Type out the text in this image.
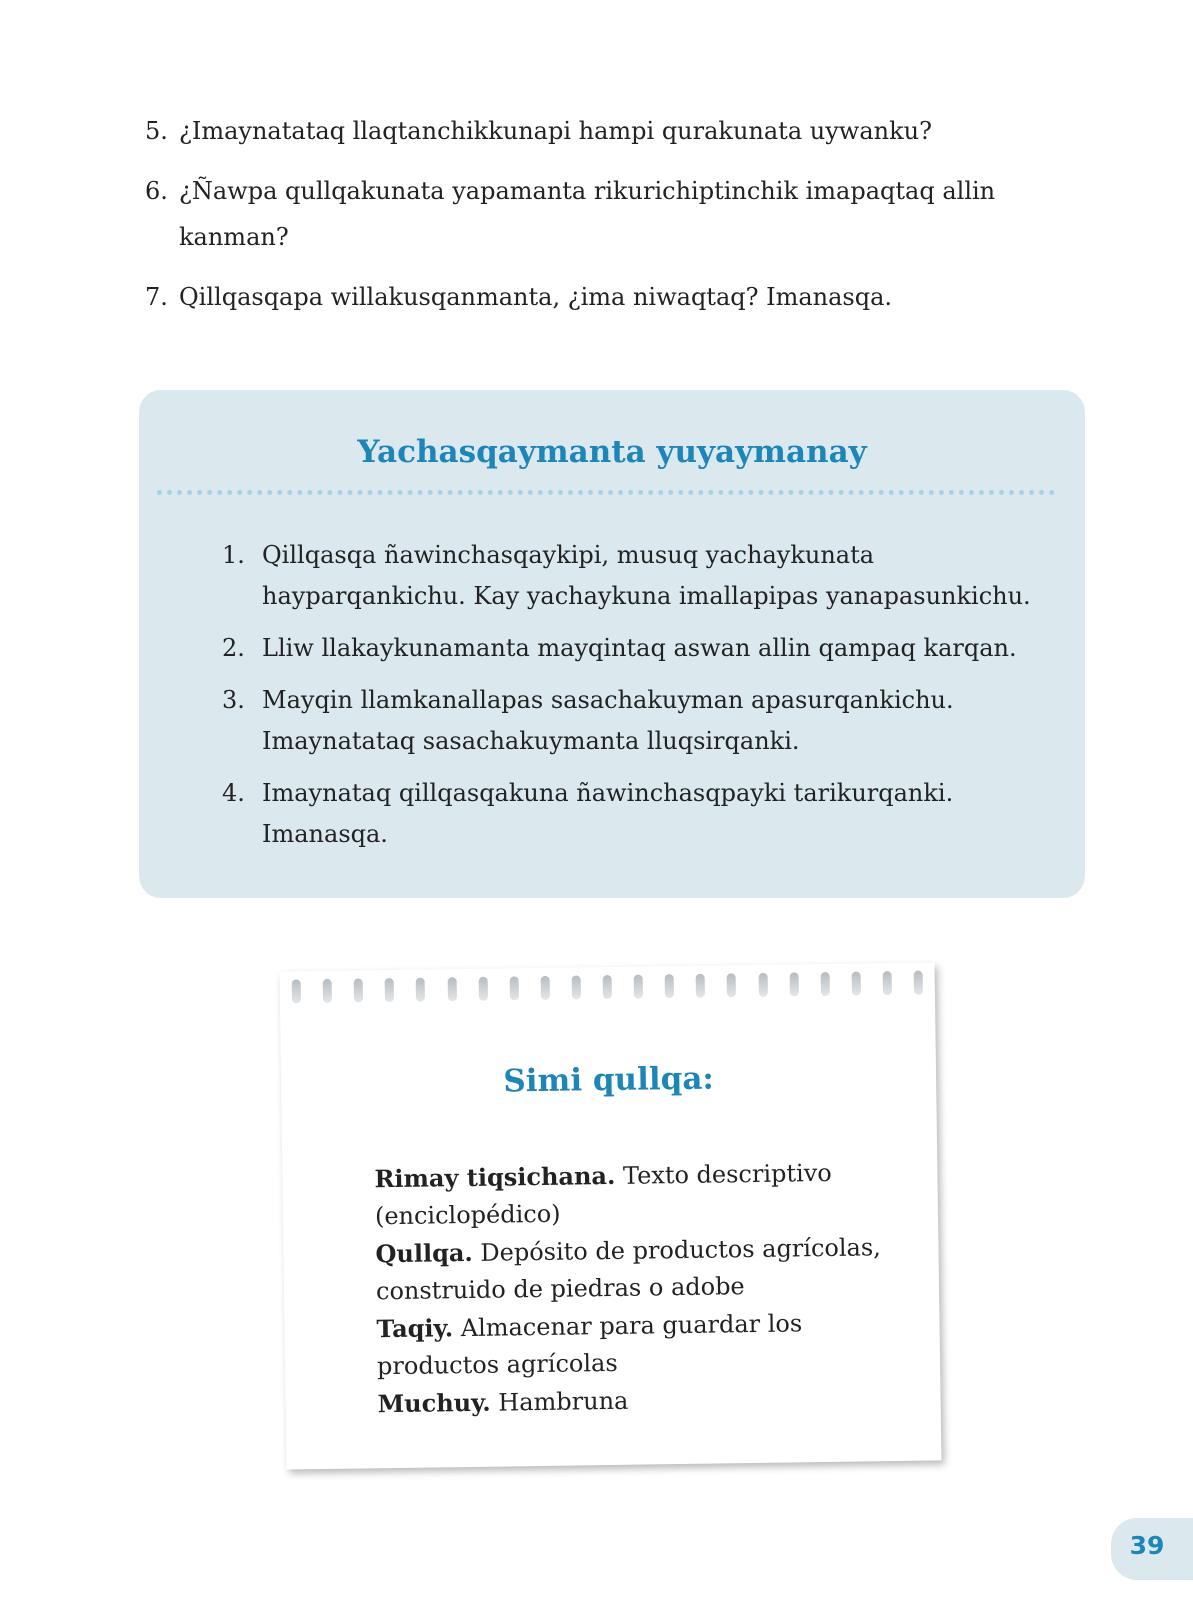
5. ¿Imaynatataq llaqtanchikkunapi hampi qurakunata uywanku?
6. ¿Ñawpa qullqakunata yapamanta rikurichiptinchik imapaqtaq allin kanman?
7. Qillqasqapa willakusqanmanta, ¿ima niwaqtaq? Imanasqa.
Yachasqaymanta yuyaymanay
1. Qillqasqa ñawinchasqaykipi, musuq yachaykunata hayparqankichu. Kay yachaykuna imallapipas yanapasunkichu.
2. Lliw llakaykunamanta mayqintaq aswan allin qampaq karqan.
3. Mayqin llamkanallapas sasachakuyman apasurqankichu. Imaynatataq sasachakuymanta lluqsirqanki.
4. Imaynataq qillqasqakuna ñawinchasqpayki tarikurqanki. Imanasqa.
Simi qullqa:

Rimay tiqsichana. Texto descriptivo (enciclopédico)

Qullqa. Depósito de productos agrícolas, construido de piedras o adobe

Taqiy. Almacenar para guardar los productos agrícolas

Muchuy. Hambruna

39
